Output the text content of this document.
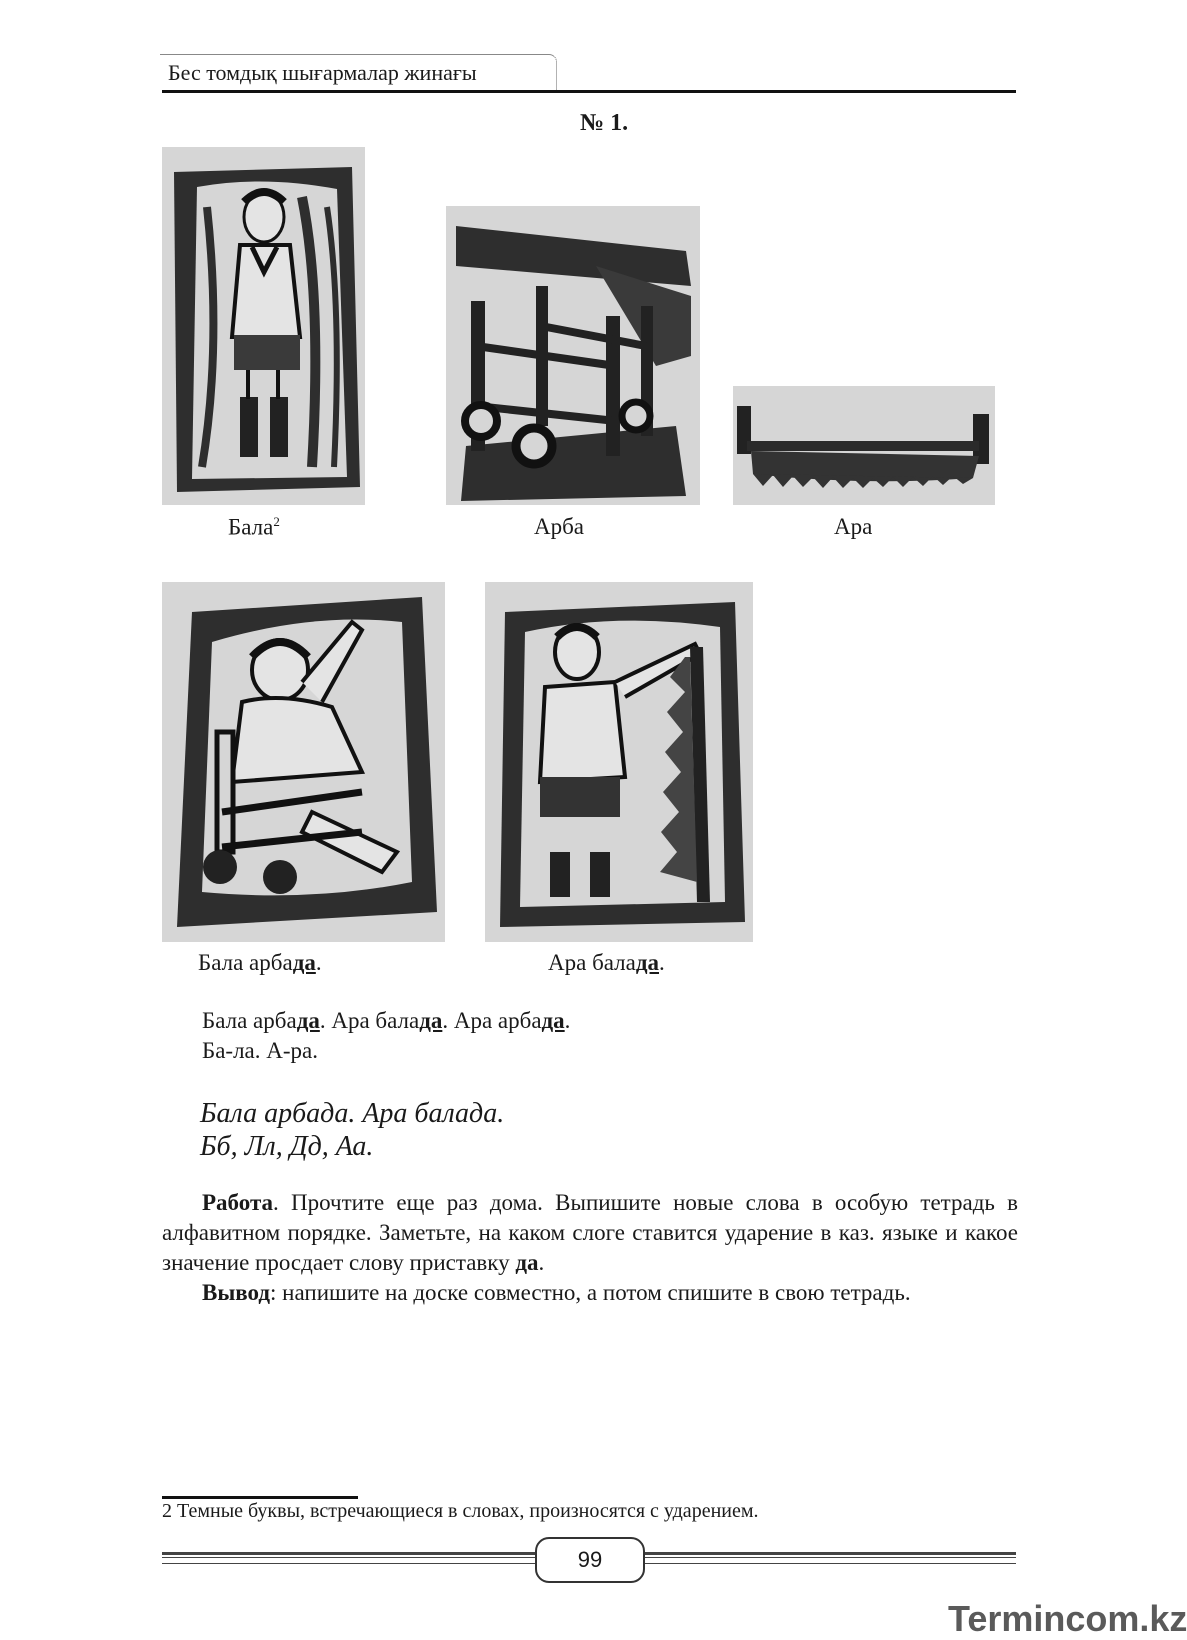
Бес томдық шығармалар жинағы
№ 1.
Бала$^2$	Арба	Ара
Бала арбада.	Ара балада.
Бала арбада. Ара балада. Ара арбада.
Ба-ла. А-ра.
Бала арбада. Ара балада.
Бб, Лл, Дд, Аа.
Работа. Прочтите еще раз дома. Выпишите новые слова в особую тетрадь в алфавитном порядке. Заметьте, на каком слоге ставится ударение в каз. языке и какое значение просдает слову приставку да.
Вывод: напишите на доске совместно, а потом спишите в свою тетрадь.
2 Темные буквы, встречающиеся в словах, произносятся с ударением.
99
Termincom.kz
